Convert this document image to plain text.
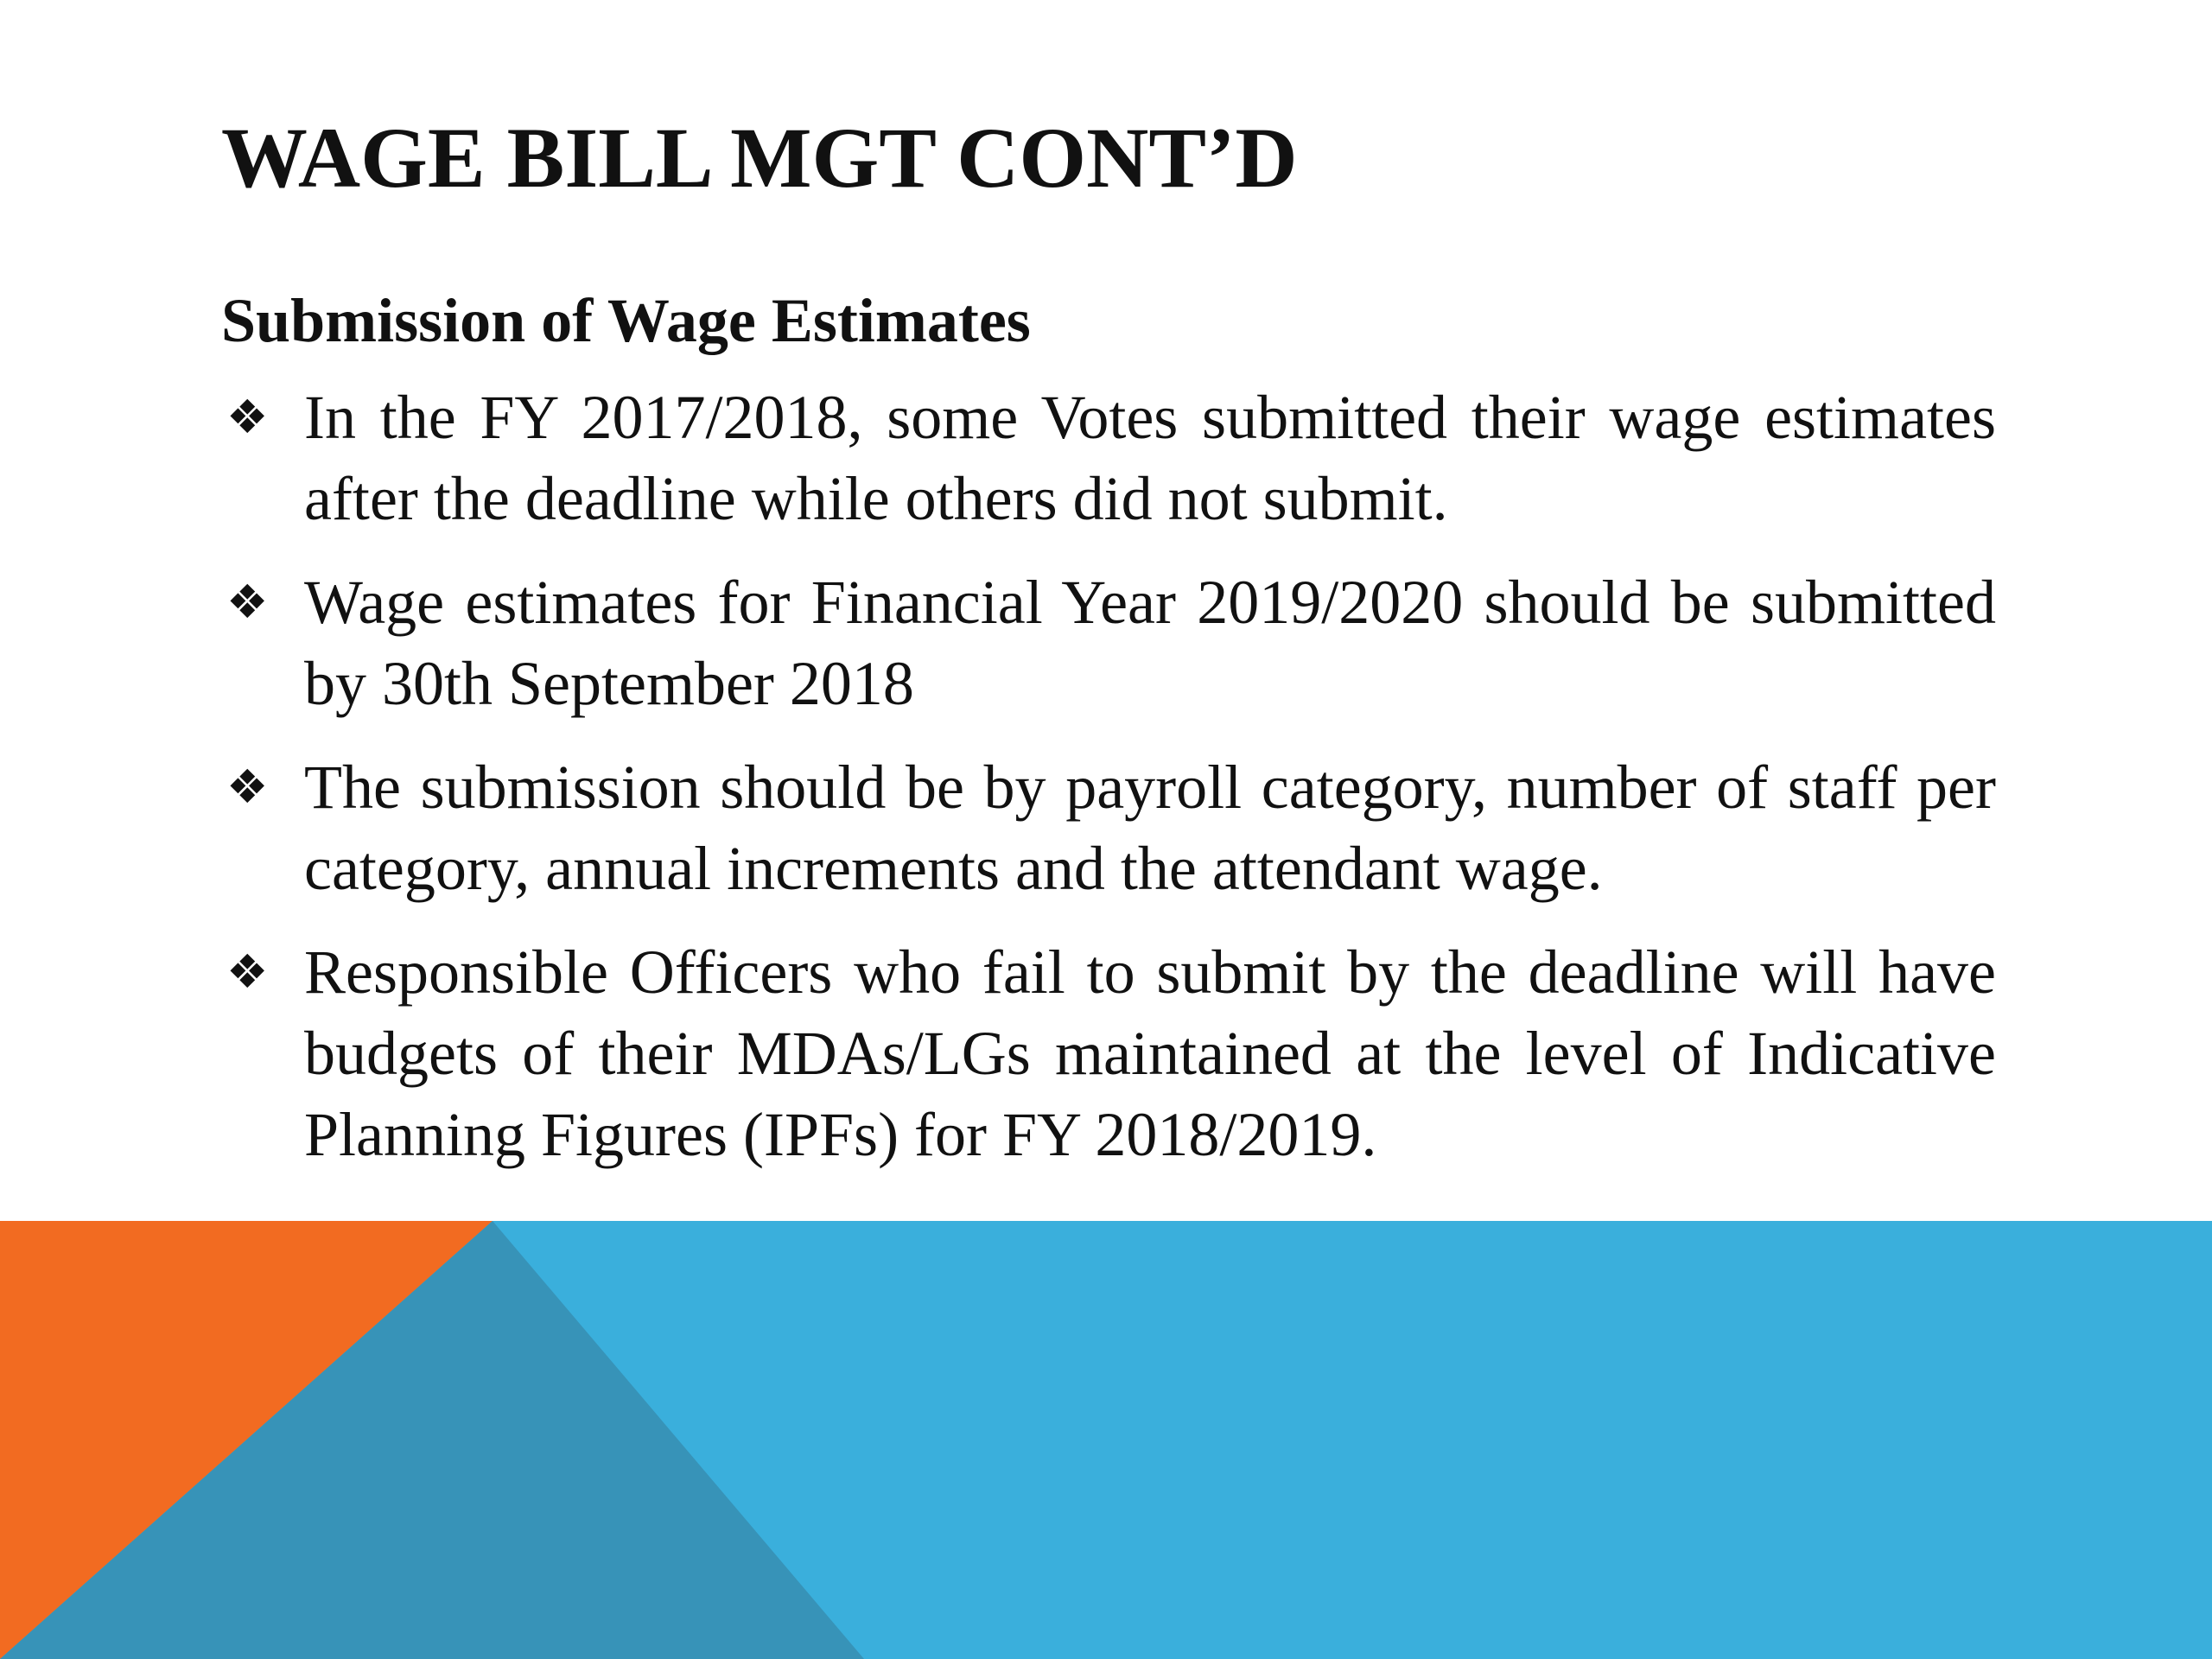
WAGE BILL MGT CONT’D

Submission of Wage Estimates

❖ In the FY 2017/2018, some Votes submitted their wage estimates after the deadline while others did not submit.
❖ Wage estimates for Financial Year 2019/2020 should be submitted by 30th September 2018
❖ The submission should be by payroll category, number of staff per category, annual increments and the attendant wage.
❖ Responsible Officers who fail to submit by the deadline will have budgets of their MDAs/LGs maintained at the level of Indicative Planning Figures (IPFs) for FY 2018/2019.
